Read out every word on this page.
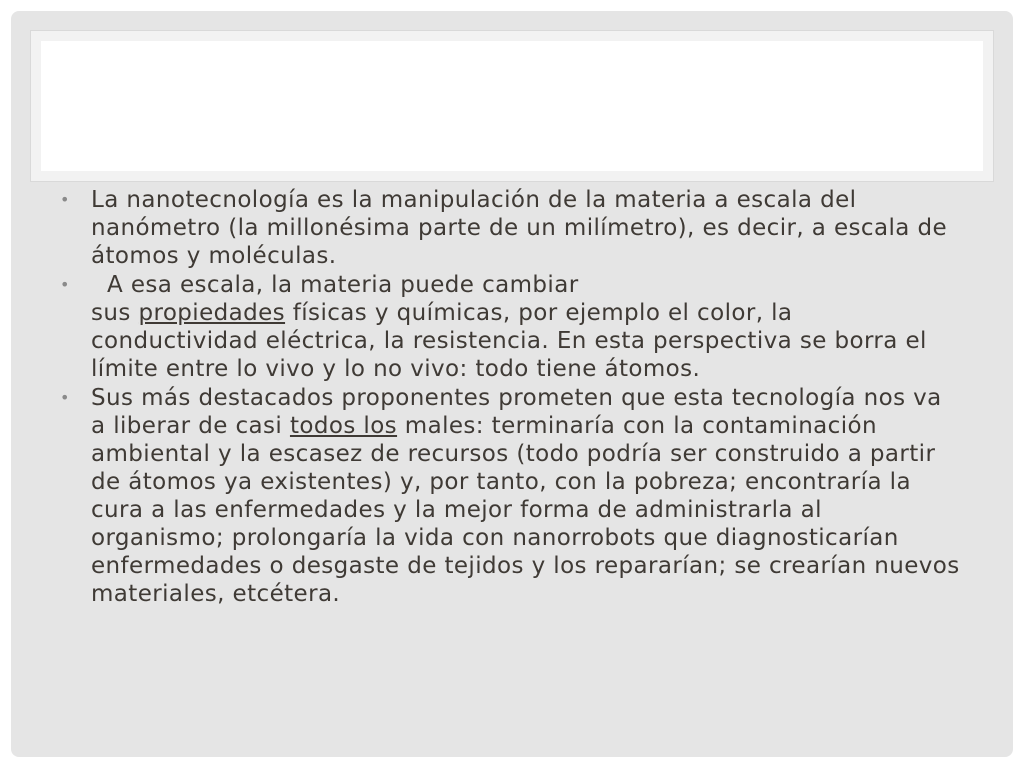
• La nanotecnología es la manipulación de la materia a escala del nanómetro (la millonésima parte de un milímetro), es decir, a escala de átomos y moléculas.
• A esa escala, la materia puede cambiar
sus propiedades físicas y químicas, por ejemplo el color, la conductividad eléctrica, la resistencia. En esta perspectiva se borra el límite entre lo vivo y lo no vivo: todo tiene átomos.
• Sus más destacados proponentes prometen que esta tecnología nos va a liberar de casi todos los males: terminaría con la contaminación ambiental y la escasez de recursos (todo podría ser construido a partir de átomos ya existentes) y, por tanto, con la pobreza; encontraría la cura a las enfermedades y la mejor forma de administrarla al organismo; prolongaría la vida con nanorrobots que diagnosticarían enfermedades o desgaste de tejidos y los repararían; se crearían nuevos materiales, etcétera.
